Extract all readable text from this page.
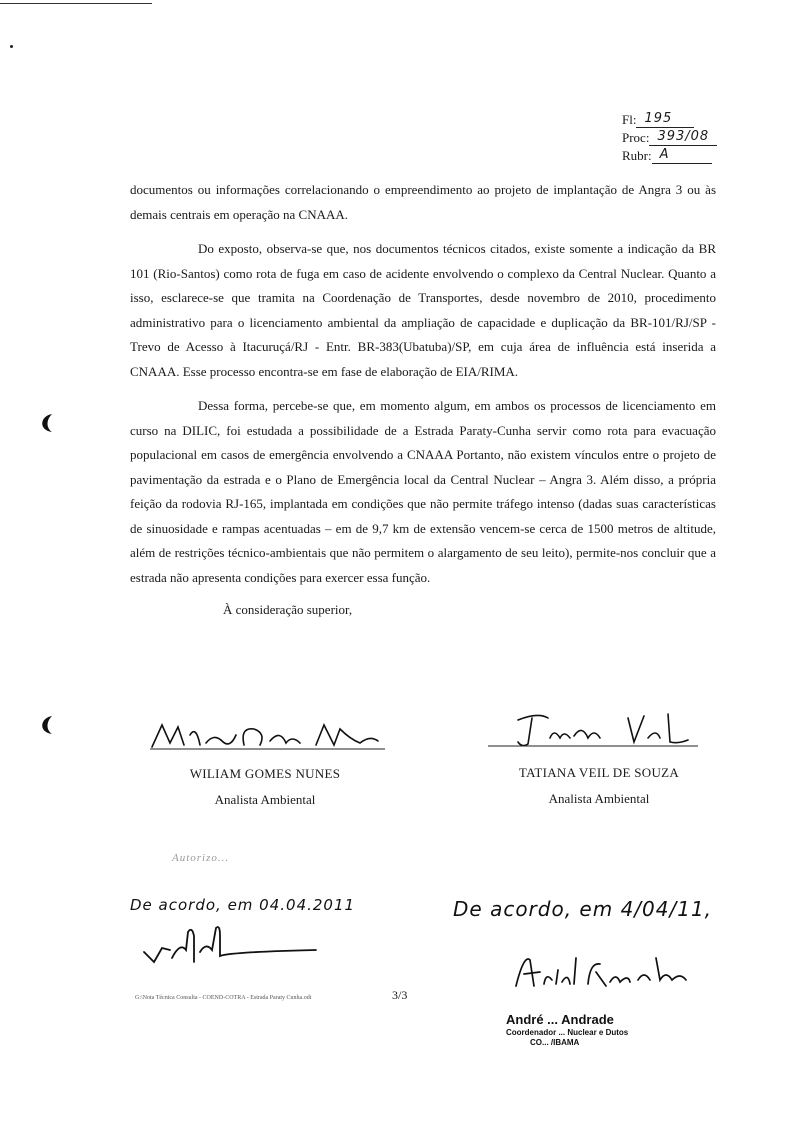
Fl: 195
Proc: 393/08
Rubr: A

documentos ou informações correlacionando o empreendimento ao projeto de implantação de Angra 3 ou às demais centrais em operação na CNAAA.

Do exposto, observa-se que, nos documentos técnicos citados, existe somente a indicação da BR 101 (Rio-Santos) como rota de fuga em caso de acidente envolvendo o complexo da Central Nuclear. Quanto a isso, esclarece-se que tramita na Coordenação de Transportes, desde novembro de 2010, procedimento administrativo para o licenciamento ambiental da ampliação de capacidade e duplicação da BR-101/RJ/SP - Trevo de Acesso à Itacuruçá/RJ - Entr. BR-383(Ubatuba)/SP, em cuja área de influência está inserida a CNAAA. Esse processo encontra-se em fase de elaboração de EIA/RIMA.

Dessa forma, percebe-se que, em momento algum, em ambos os processos de licenciamento em curso na DILIC, foi estudada a possibilidade de a Estrada Paraty-Cunha servir como rota para evacuação populacional em casos de emergência envolvendo a CNAAA Portanto, não existem vínculos entre o projeto de pavimentação da estrada e o Plano de Emergência local da Central Nuclear – Angra 3. Além disso, a própria feição da rodovia RJ-165, implantada em condições que não permite tráfego intenso (dadas suas características de sinuosidade e rampas acentuadas – em de 9,7 km de extensão vencem-se cerca de 1500 metros de altitude, além de restrições técnico-ambientais que não permitem o alargamento de seu leito), permite-nos concluir que a estrada não apresenta condições para exercer essa função.

À consideração superior,

WILIAM GOMES NUNES
Analista Ambiental
TATIANA VEIL DE SOUZA
Analista Ambiental
Autorizo...
De acordo, em 04.04.2011	De acordo, em 4/04/11,
G:\Nota Técnica Consulta - COEND-COTRA - Estrada Paraty Cunha.odt	3/3
André ... Andrade
Coordenador ... Nuclear e Dutos
CO... /IBAMA
